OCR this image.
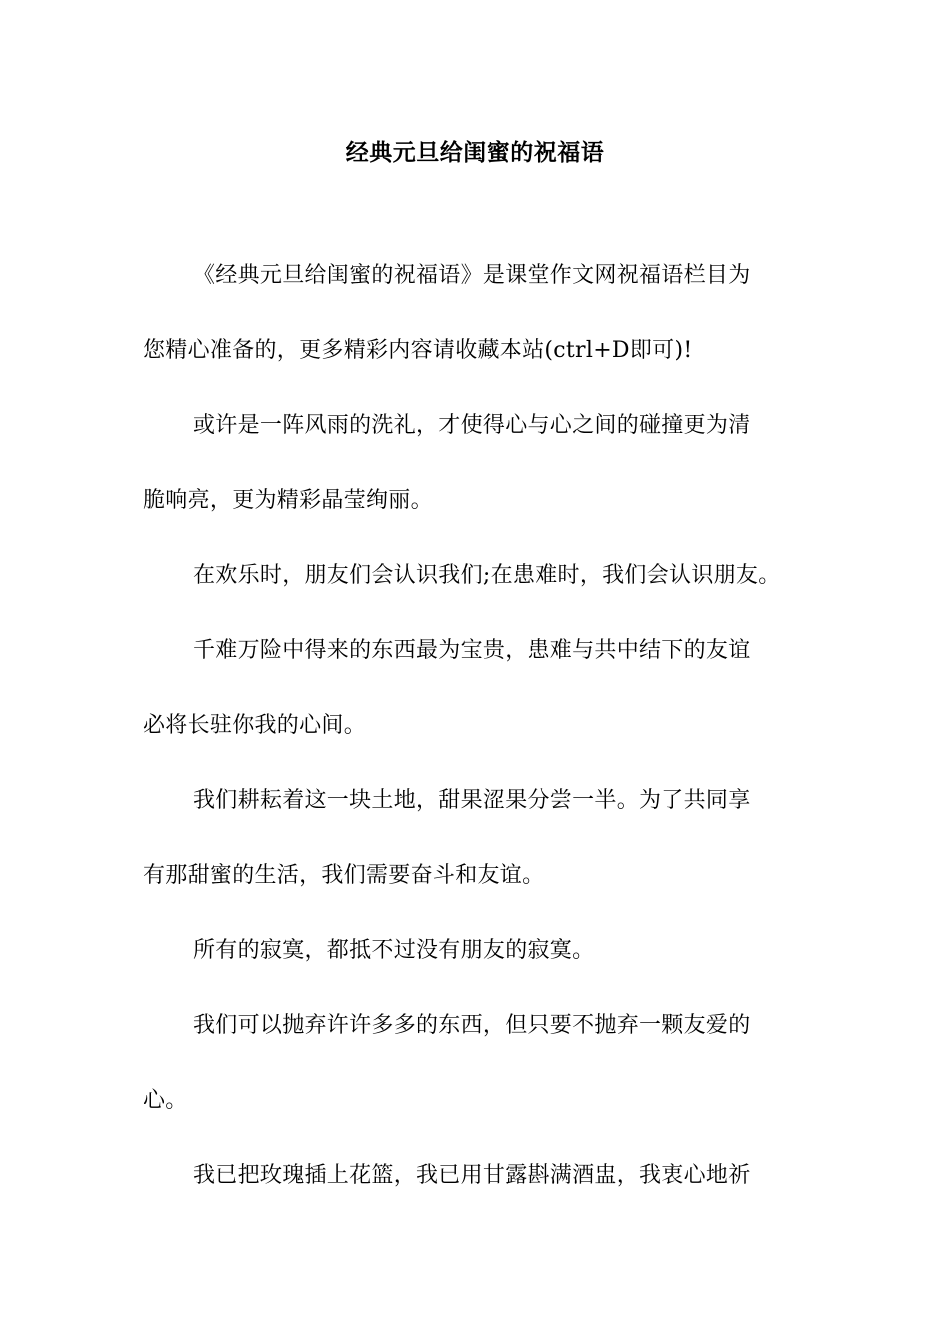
经典元旦给闺蜜的祝福语
《经典元旦给闺蜜的祝福语》是课堂作文网祝福语栏目为
您精心准备的，更多精彩内容请收藏本站(ctrl+D即可)!
或许是一阵风雨的洗礼，才使得心与心之间的碰撞更为清
脆响亮，更为精彩晶莹绚丽。
在欢乐时，朋友们会认识我们;在患难时，我们会认识朋友。
千难万险中得来的东西最为宝贵，患难与共中结下的友谊
必将长驻你我的心间。
我们耕耘着这一块土地，甜果涩果分尝一半。为了共同享
有那甜蜜的生活，我们需要奋斗和友谊。
所有的寂寞，都抵不过没有朋友的寂寞。
我们可以抛弃许许多多的东西，但只要不抛弃一颗友爱的
心。
我已把玫瑰插上花篮，我已用甘露斟满酒盅，我衷心地祈
